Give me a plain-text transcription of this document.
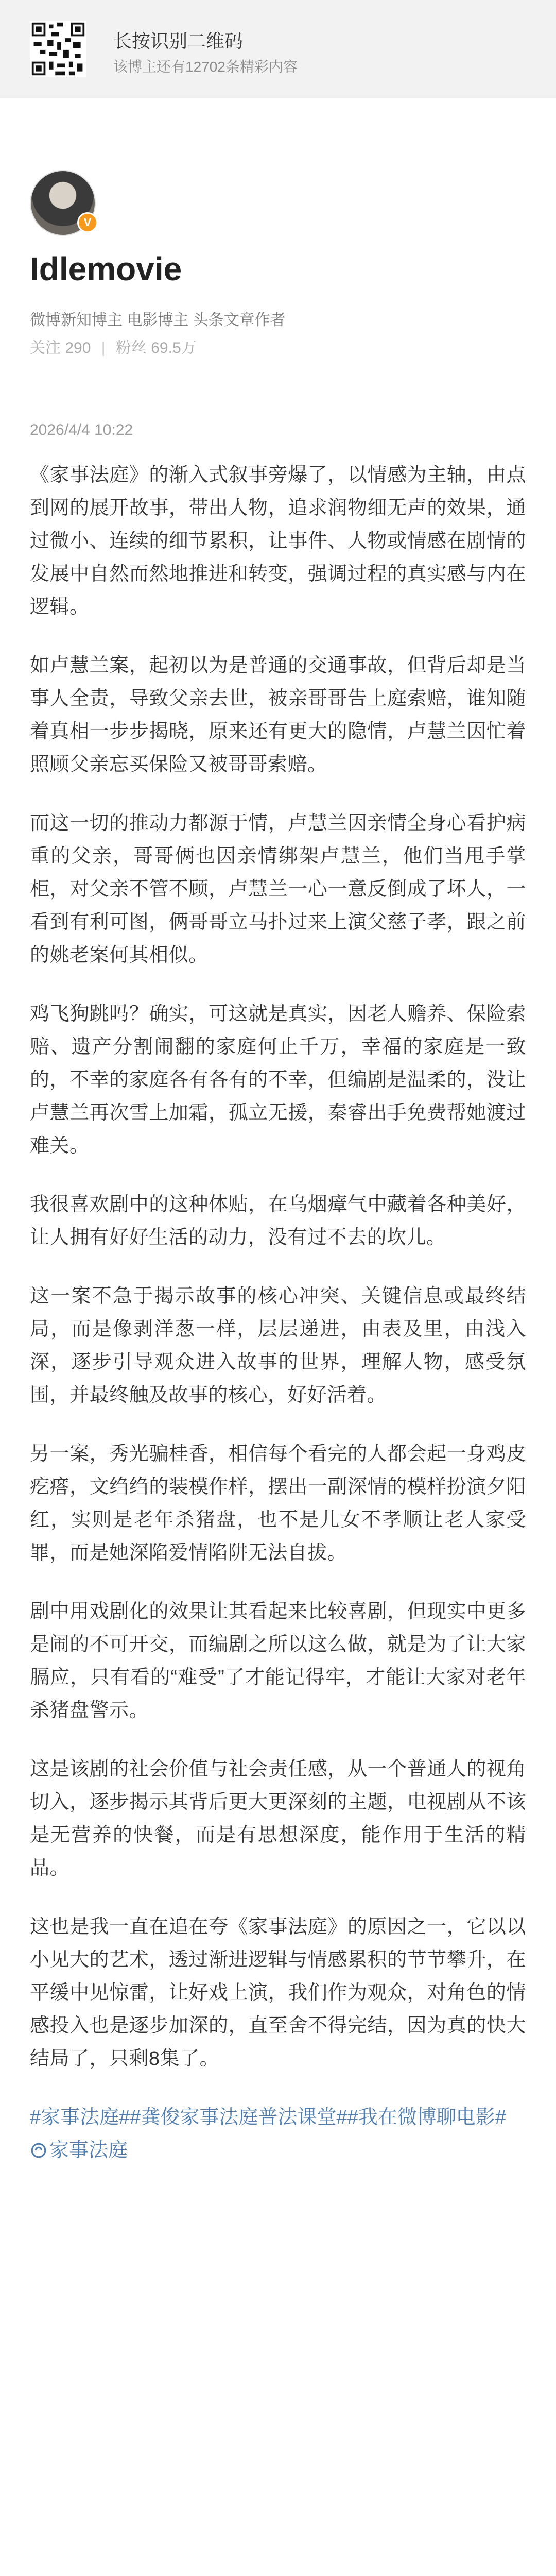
长按识别二维码
该博主还有12702条精彩内容
V
Idlemovie
微博新知博主 电影博主 头条文章作者
关注 290 | 粉丝 69.5万
2026/4/4 10:22

《家事法庭》的渐入式叙事旁爆了，以情感为主轴，由点到网的展开故事，带出人物，追求润物细无声的效果，通过微小、连续的细节累积，让事件、人物或情感在剧情的发展中自然而然地推进和转变，强调过程的真实感与内在逻辑。

如卢慧兰案，起初以为是普通的交通事故，但背后却是当事人全责，导致父亲去世，被亲哥哥告上庭索赔，谁知随着真相一步步揭晓，原来还有更大的隐情，卢慧兰因忙着照顾父亲忘买保险又被哥哥索赔。

而这一切的推动力都源于情，卢慧兰因亲情全身心看护病重的父亲，哥哥俩也因亲情绑架卢慧兰，他们当甩手掌柜，对父亲不管不顾，卢慧兰一心一意反倒成了坏人，一看到有利可图，俩哥哥立马扑过来上演父慈子孝，跟之前的姚老案何其相似。

鸡飞狗跳吗？确实，可这就是真实，因老人赡养、保险索赔、遗产分割闹翻的家庭何止千万，幸福的家庭是一致的，不幸的家庭各有各有的不幸，但编剧是温柔的，没让卢慧兰再次雪上加霜，孤立无援，秦睿出手免费帮她渡过难关。

我很喜欢剧中的这种体贴，在乌烟瘴气中藏着各种美好，让人拥有好好生活的动力，没有过不去的坎儿。

这一案不急于揭示故事的核心冲突、关键信息或最终结局，而是像剥洋葱一样，层层递进，由表及里，由浅入深，逐步引导观众进入故事的世界，理解人物，感受氛围，并最终触及故事的核心，好好活着。

另一案，秀光骗桂香，相信每个看完的人都会起一身鸡皮疙瘩，文绉绉的装模作样，摆出一副深情的模样扮演夕阳红，实则是老年杀猪盘，也不是儿女不孝顺让老人家受罪，而是她深陷爱情陷阱无法自拔。

剧中用戏剧化的效果让其看起来比较喜剧，但现实中更多是闹的不可开交，而编剧之所以这么做，就是为了让大家膈应，只有看的“难受”了才能记得牢，才能让大家对老年杀猪盘警示。

这是该剧的社会价值与社会责任感，从一个普通人的视角切入，逐步揭示其背后更大更深刻的主题，电视剧从不该是无营养的快餐，而是有思想深度，能作用于生活的精品。

这也是我一直在追在夸《家事法庭》的原因之一，它以以小见大的艺术，透过渐进逻辑与情感累积的节节攀升，在平缓中见惊雷，让好戏上演，我们作为观众，对角色的情感投入也是逐步加深的，直至舍不得完结，因为真的快大结局了，只剩8集了。

#家事法庭##龚俊家事法庭普法课堂##我在微博聊电影# 家事法庭
